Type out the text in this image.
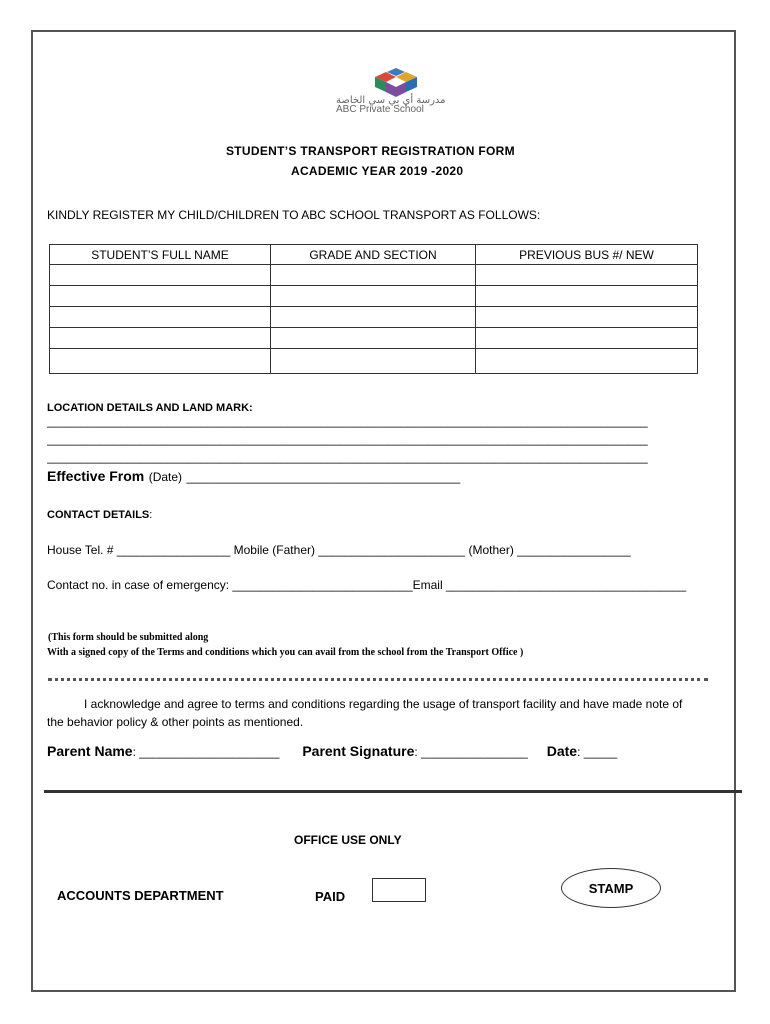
مدرسة أي بي سي الخاصة
ABC Private School
STUDENT’S TRANSPORT REGISTRATION FORM
ACADEMIC YEAR 2019 -2020
KINDLY REGISTER MY CHILD/CHILDREN TO ABC SCHOOL TRANSPORT AS FOLLOWS:
STUDENT’S FULL NAME	GRADE AND SECTION	PREVIOUS BUS #/ NEW

LOCATION DETAILS AND LAND MARK:
__________________________________________________________________________________________
__________________________________________________________________________________________
__________________________________________________________________________________________
Effective From (Date) _________________________________________
CONTACT DETAILS:
House Tel. # _________________ Mobile (Father) ______________________ (Mother) _________________
Contact no. in case of emergency: ___________________________Email ____________________________________
(This form should be submitted along
With a signed copy of the Terms and conditions which you can avail from the school from the Transport Office )
I acknowledge and agree to terms and conditions regarding the usage of transport facility and have made note of
the behavior policy & other points as mentioned.
Parent Name: _____________________ Parent Signature: ________________ Date: _____
OFFICE USE ONLY
ACCOUNTS DEPARTMENT	PAID
STAMP
